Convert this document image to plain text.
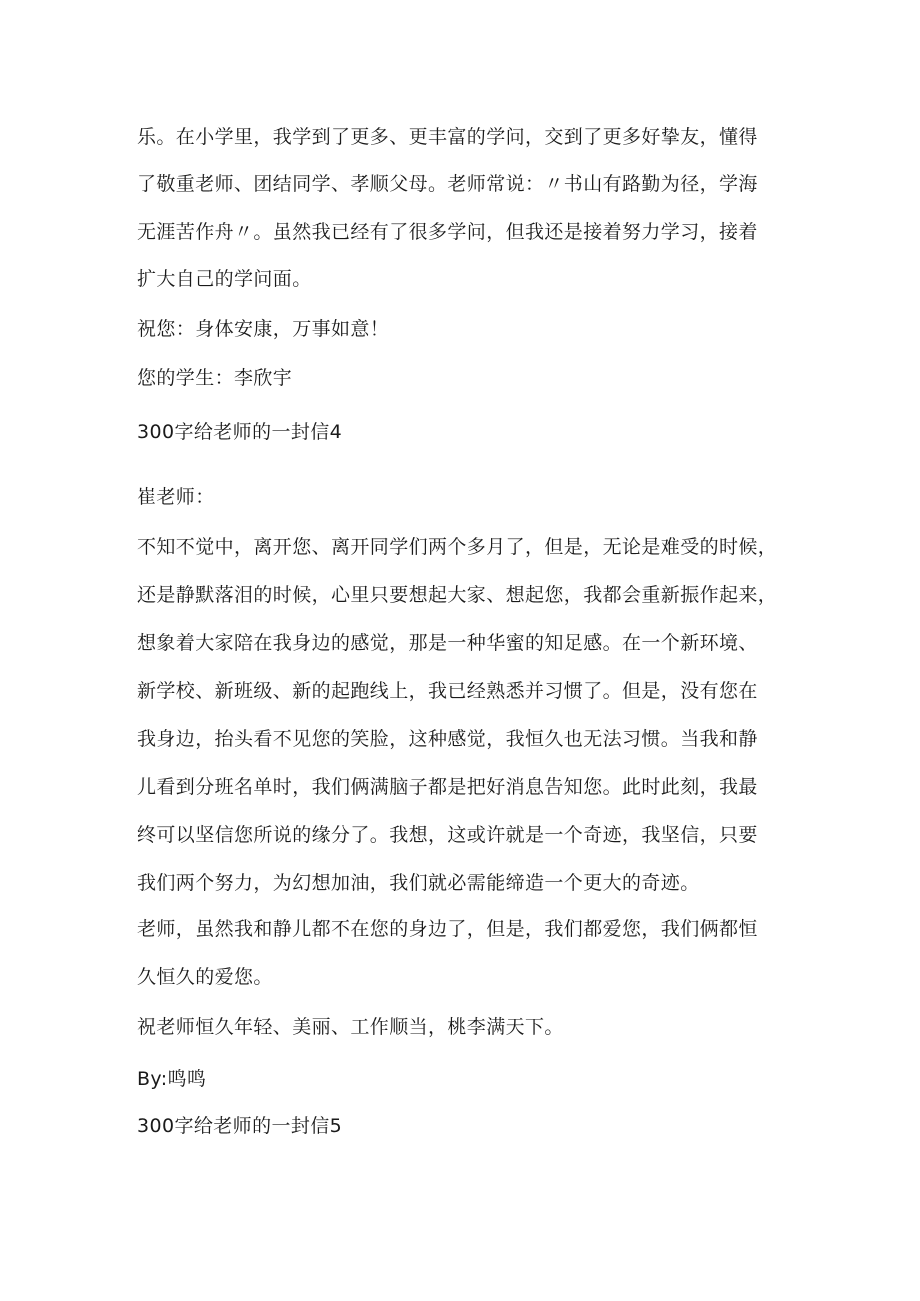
乐。在小学里，我学到了更多、更丰富的学问，交到了更多好挚友，懂得
了敬重老师、团结同学、孝顺父母。老师常说：〃书山有路勤为径，学海
无涯苦作舟〃。虽然我已经有了很多学问，但我还是接着努力学习，接着
扩大自己的学问面。
祝您：身体安康，万事如意！
您的学生：李欣宇
300字给老师的一封信4
崔老师：
不知不觉中，离开您、离开同学们两个多月了，但是，无论是难受的时候，
还是静默落泪的时候，心里只要想起大家、想起您，我都会重新振作起来，
想象着大家陪在我身边的感觉，那是一种华蜜的知足感。在一个新环境、
新学校、新班级、新的起跑线上，我已经熟悉并习惯了。但是，没有您在
我身边，抬头看不见您的笑脸，这种感觉，我恒久也无法习惯。当我和静
儿看到分班名单时，我们俩满脑子都是把好消息告知您。此时此刻，我最
终可以坚信您所说的缘分了。我想，这或许就是一个奇迹，我坚信，只要
我们两个努力，为幻想加油，我们就必需能缔造一个更大的奇迹。
老师，虽然我和静儿都不在您的身边了，但是，我们都爱您，我们俩都恒
久恒久的爱您。
祝老师恒久年轻、美丽、工作顺当，桃李满天下。
By:鸣鸣
300字给老师的一封信5
